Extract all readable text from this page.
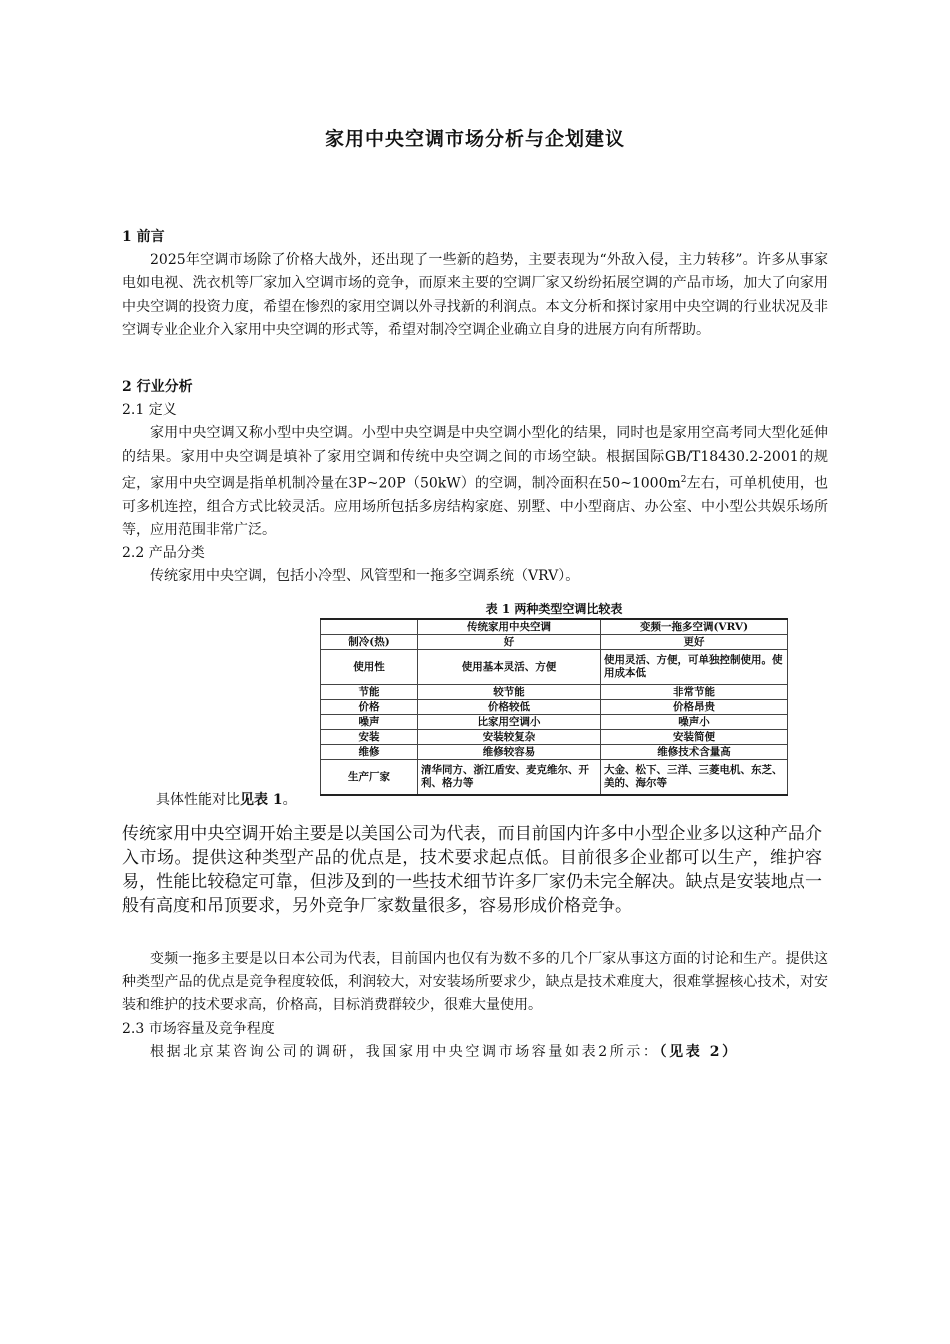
家用中央空调市场分析与企划建议
1 前言
2025年空调市场除了价格大战外，还出现了一些新的趋势，主要表现为“外敌入侵，主力转移”。许多从事家电如电视、洗衣机等厂家加入空调市场的竞争，而原来主要的空调厂家又纷纷拓展空调的产品市场，加大了向家用中央空调的投资力度，希望在惨烈的家用空调以外寻找新的利润点。本文分析和探讨家用中央空调的行业状况及非空调专业企业介入家用中央空调的形式等，希望对制冷空调企业确立自身的进展方向有所帮助。
2 行业分析
2.1 定义
家用中央空调又称小型中央空调。小型中央空调是中央空调小型化的结果，同时也是家用空高考同大型化延伸的结果。家用中央空调是填补了家用空调和传统中央空调之间的市场空缺。根据国际GB/T18430.2-2001的规定，家用中央空调是指单机制冷量在3P~20P（50kW）的空调，制冷面积在$50\sim 1000m^2$左右，可单机使用，也可多机连控，组合方式比较灵活。应用场所包括多房结构家庭、别墅、中小型商店、办公室、中小型公共娱乐场所等，应用范围非常广泛。
2.2 产品分类
传统家用中央空调，包括小冷型、风管型和一拖多空调系统（VRV）。
表 1 两种类型空调比较表
	传统家用中央空调	变频一拖多空调(VRV)
制冷(热)	好	更好
使用性	使用基本灵活、方便	使用灵活、方便，可单独控制使用。使用成本低
节能	较节能	非常节能
价格	价格较低	价格昂贵
噪声	比家用空调小	噪声小
安装	安装较复杂	安装简便
维修	维修较容易	维修技术含量高
生产厂家	清华同方、浙江盾安、麦克维尔、开利、格力等	大金、松下、三洋、三菱电机、东芝、美的、海尔等
具体性能对比见表 1。
传统家用中央空调开始主要是以美国公司为代表，而目前国内许多中小型企业多以这种产品介入市场。提供这种类型产品的优点是，技术要求起点低。目前很多企业都可以生产，维护容易，性能比较稳定可靠，但涉及到的一些技术细节许多厂家仍未完全解决。缺点是安装地点一般有高度和吊顶要求，另外竞争厂家数量很多，容易形成价格竞争。
变频一拖多主要是以日本公司为代表，目前国内也仅有为数不多的几个厂家从事这方面的讨论和生产。提供这种类型产品的优点是竞争程度较低，利润较大，对安装场所要求少，缺点是技术难度大，很难掌握核心技术，对安装和维护的技术要求高，价格高，目标消费群较少，很难大量使用。
2.3 市场容量及竞争程度
根据北京某咨询公司的调研，我国家用中央空调市场容量如表2所示：（见表 2）
